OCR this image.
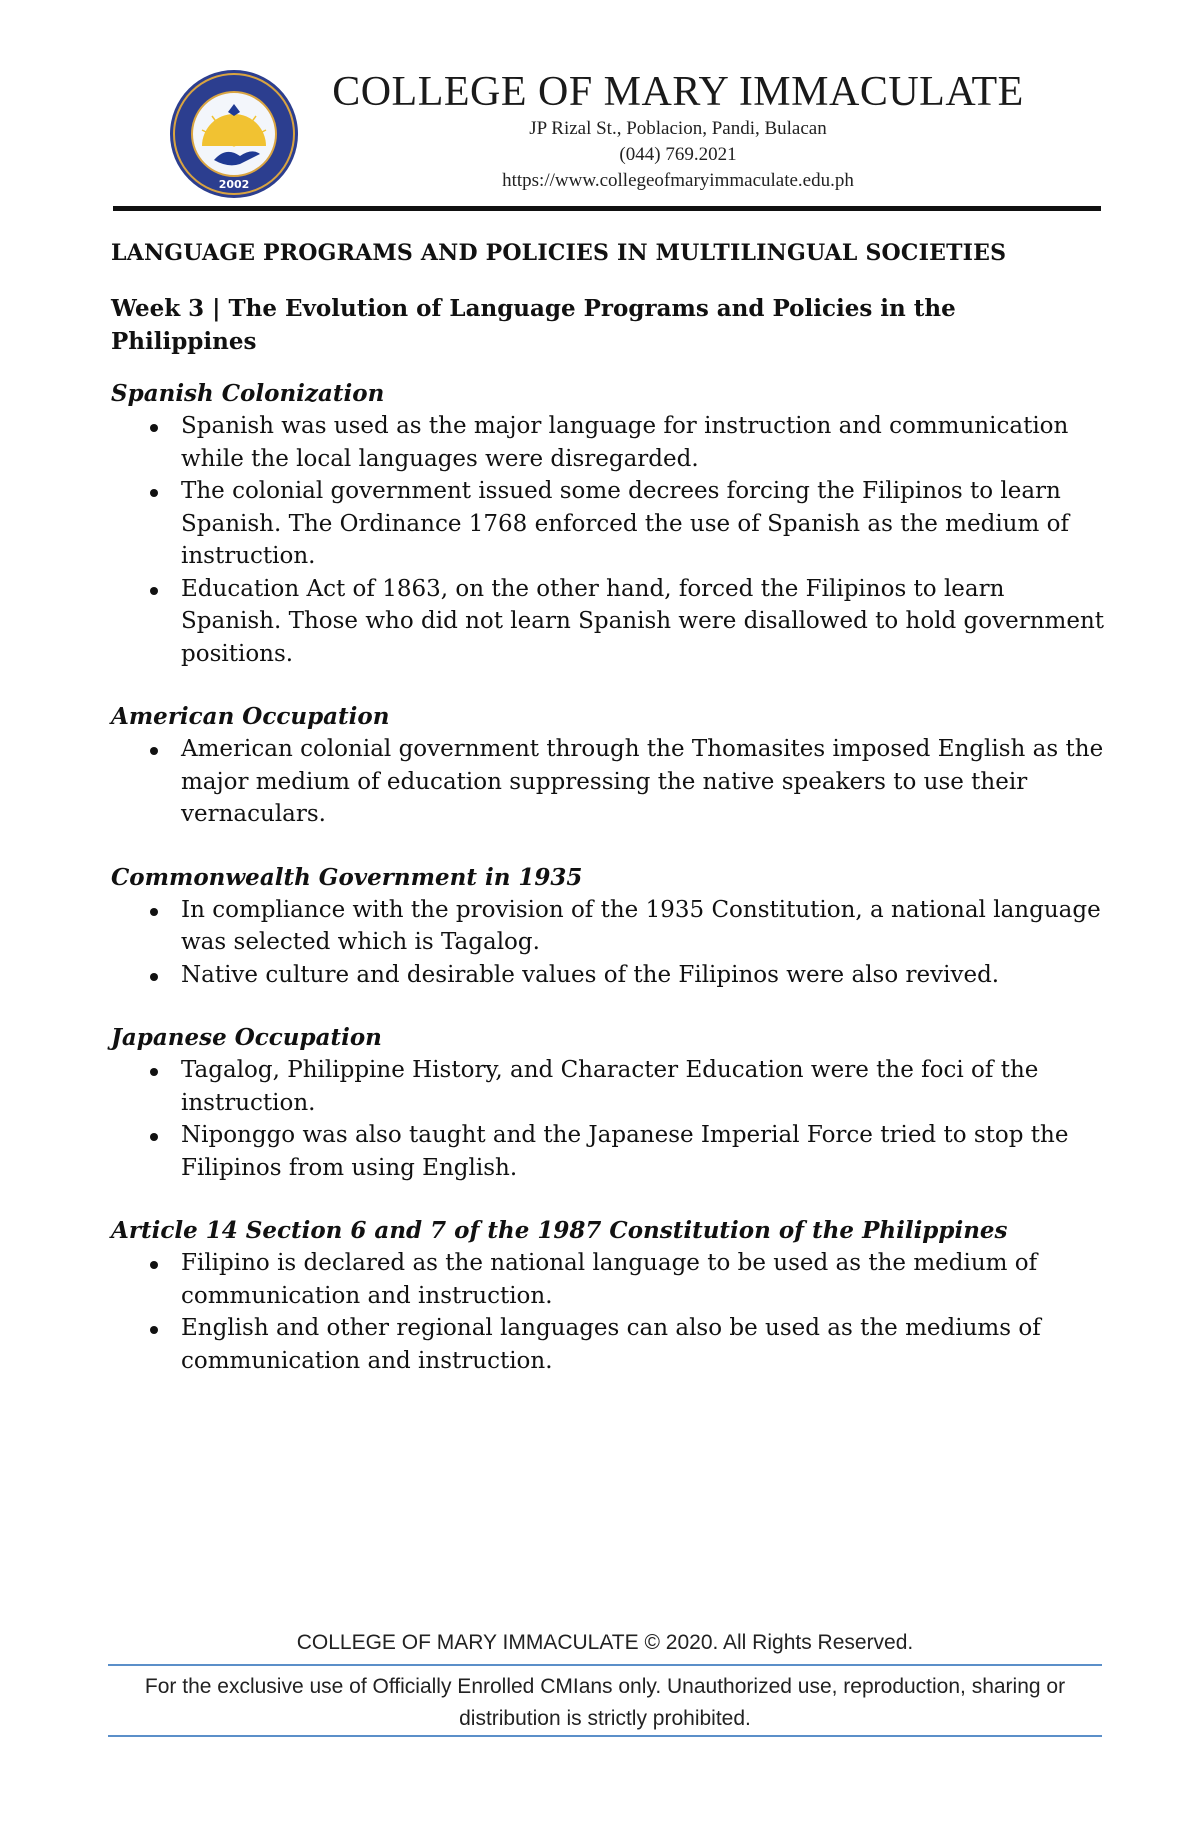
2002
COLLEGE OF MARY IMMACULATE
JP Rizal St., Poblacion, Pandi, Bulacan
(044) 769.2021
https://www.collegeofmaryimmaculate.edu.ph
LANGUAGE PROGRAMS AND POLICIES IN MULTILINGUAL SOCIETIES
Week 3 | The Evolution of Language Programs and Policies in the Philippines
Spanish Colonization
Spanish was used as the major language for instruction and communication while the local languages were disregarded.
The colonial government issued some decrees forcing the Filipinos to learn Spanish. The Ordinance 1768 enforced the use of Spanish as the medium of instruction.
Education Act of 1863, on the other hand, forced the Filipinos to learn Spanish. Those who did not learn Spanish were disallowed to hold government positions.
American Occupation
American colonial government through the Thomasites imposed English as the major medium of education suppressing the native speakers to use their vernaculars.
Commonwealth Government in 1935
In compliance with the provision of the 1935 Constitution, a national language was selected which is Tagalog.
Native culture and desirable values of the Filipinos were also revived.
Japanese Occupation
Tagalog, Philippine History, and Character Education were the foci of the instruction.
Niponggo was also taught and the Japanese Imperial Force tried to stop the Filipinos from using English.
Article 14 Section 6 and 7 of the 1987 Constitution of the Philippines
Filipino is declared as the national language to be used as the medium of communication and instruction.
English and other regional languages can also be used as the mediums of communication and instruction.
COLLEGE OF MARY IMMACULATE © 2020. All Rights Reserved.
For the exclusive use of Officially Enrolled CMIans only. Unauthorized use, reproduction, sharing or distribution is strictly prohibited.
